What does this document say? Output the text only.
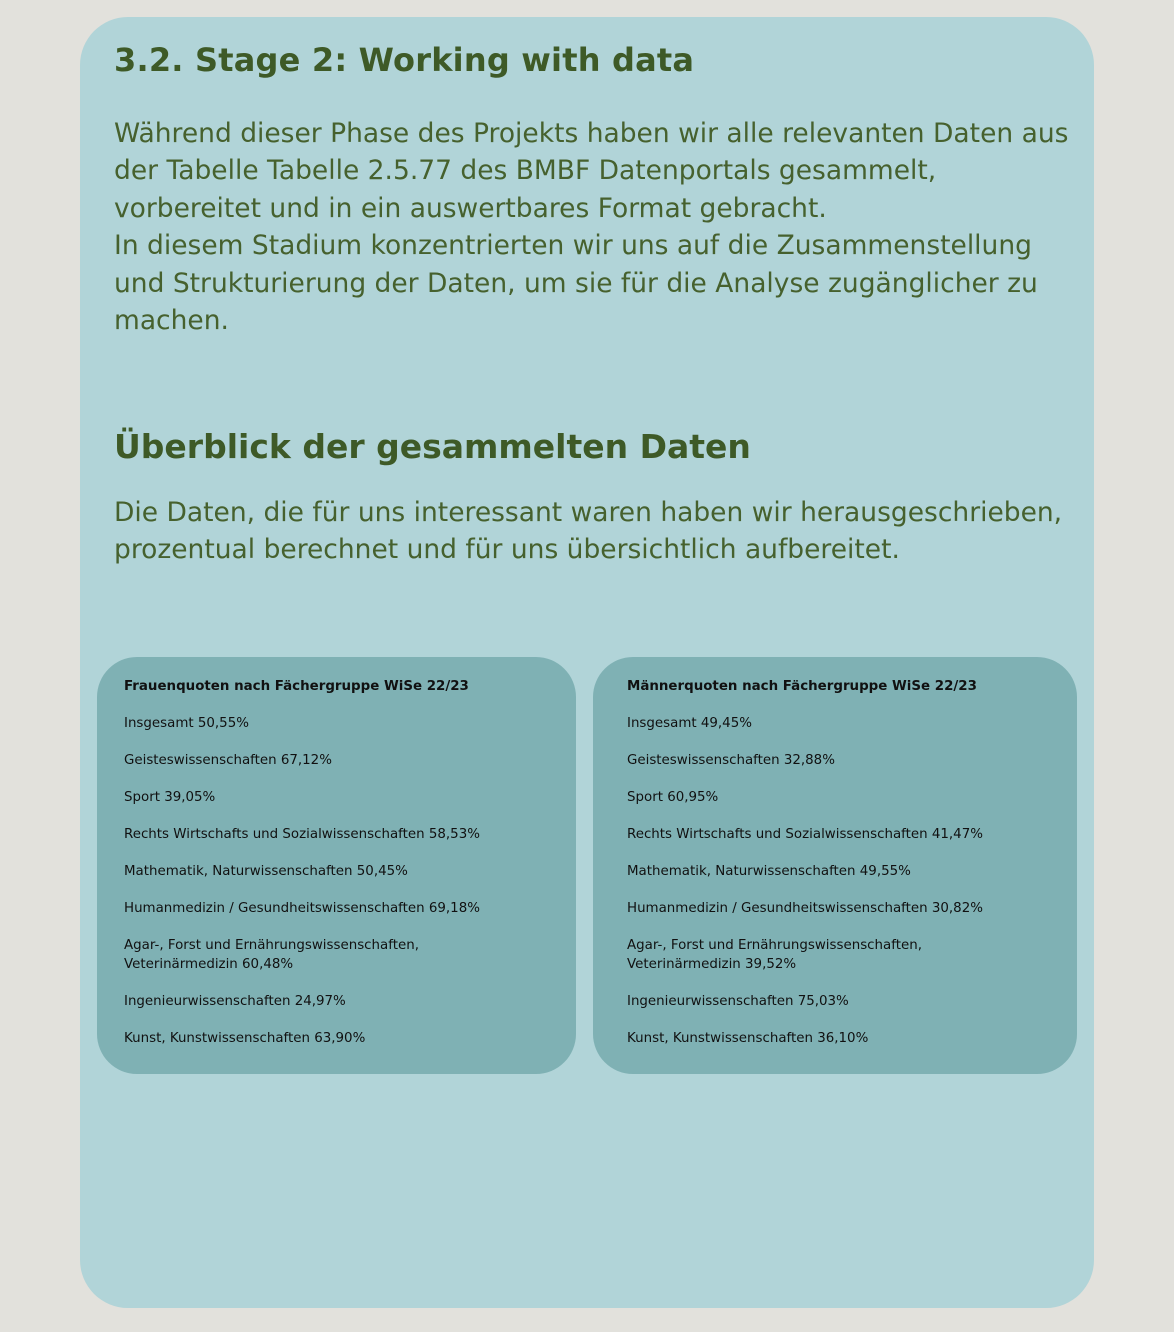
3.2. Stage 2: Working with data

Während dieser Phase des Projekts haben wir alle relevanten Daten aus der Tabelle Tabelle 2.5.77 des BMBF Datenportals gesammelt, vorbereitet und in ein auswertbares Format gebracht.

In diesem Stadium konzentrierten wir uns auf die Zusammenstellung und Strukturierung der Daten, um sie für die Analyse zugänglicher zu machen.

Überblick der gesammelten Daten

Die Daten, die für uns interessant waren haben wir herausgeschrieben, prozentual berechnet und für uns übersichtlich aufbereitet.

Frauenquoten nach Fächergruppe WiSe 22/23
Insgesamt 50,55%
Geisteswissenschaften 67,12%
Sport 39,05%
Rechts Wirtschafts und Sozialwissenschaften 58,53%
Mathematik, Naturwissenschaften 50,45%
Humanmedizin / Gesundheitswissenschaften 69,18%
Agar-, Forst und Ernährungswissenschaften, Veterinärmedizin 60,48%
Ingenieurwissenschaften 24,97%
Kunst, Kunstwissenschaften 63,90%
Männerquoten nach Fächergruppe WiSe 22/23
Insgesamt 49,45%
Geisteswissenschaften 32,88%
Sport 60,95%
Rechts Wirtschafts und Sozialwissenschaften 41,47%
Mathematik, Naturwissenschaften 49,55%
Humanmedizin / Gesundheitswissenschaften 30,82%
Agar-, Forst und Ernährungswissenschaften, Veterinärmedizin 39,52%
Ingenieurwissenschaften 75,03%
Kunst, Kunstwissenschaften 36,10%
